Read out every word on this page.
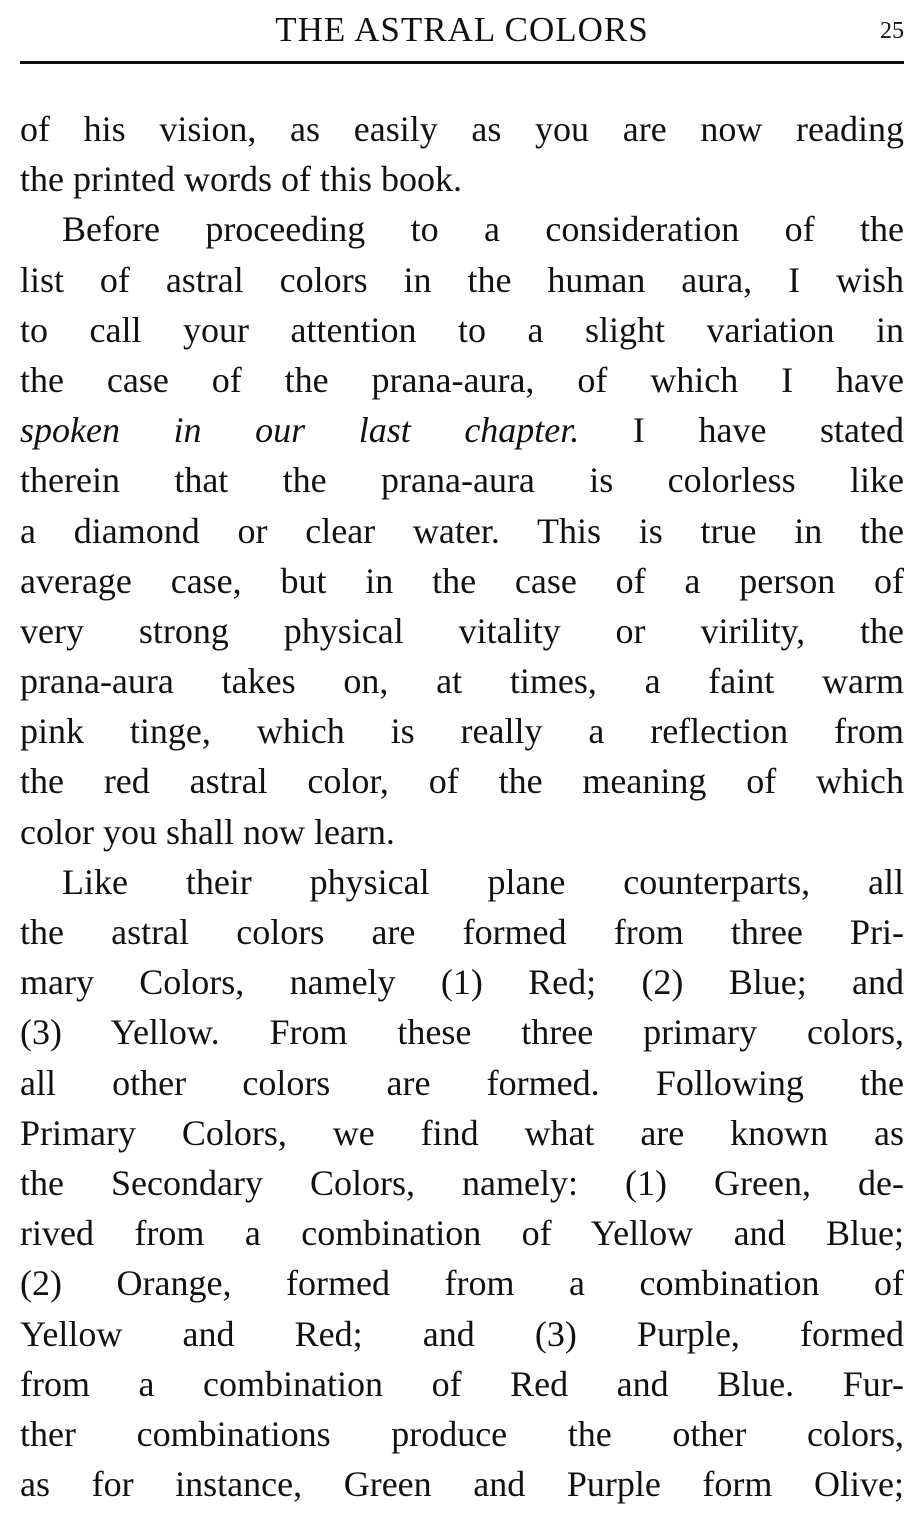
THE ASTRAL COLORS	25
of his vision, as easily as you are now reading
the printed words of this book.
Before proceeding to a consideration of the
list of astral colors in the human aura, I wish
to call your attention to a slight variation in
the case of the prana-aura, of which I have
spoken in our last chapter. I have stated
therein that the prana-aura is colorless like
a diamond or clear water. This is true in the
average case, but in the case of a person of
very strong physical vitality or virility, the
prana-aura takes on, at times, a faint warm
pink tinge, which is really a reflection from
the red astral color, of the meaning of which
color you shall now learn.
Like their physical plane counterparts, all
the astral colors are formed from three Pri-
mary Colors, namely (1) Red; (2) Blue; and
(3) Yellow. From these three primary colors,
all other colors are formed. Following the
Primary Colors, we find what are known as
the Secondary Colors, namely: (1) Green, de-
rived from a combination of Yellow and Blue;
(2) Orange, formed from a combination of
Yellow and Red; and (3) Purple, formed
from a combination of Red and Blue. Fur-
ther combinations produce the other colors,
as for instance, Green and Purple form Olive;
